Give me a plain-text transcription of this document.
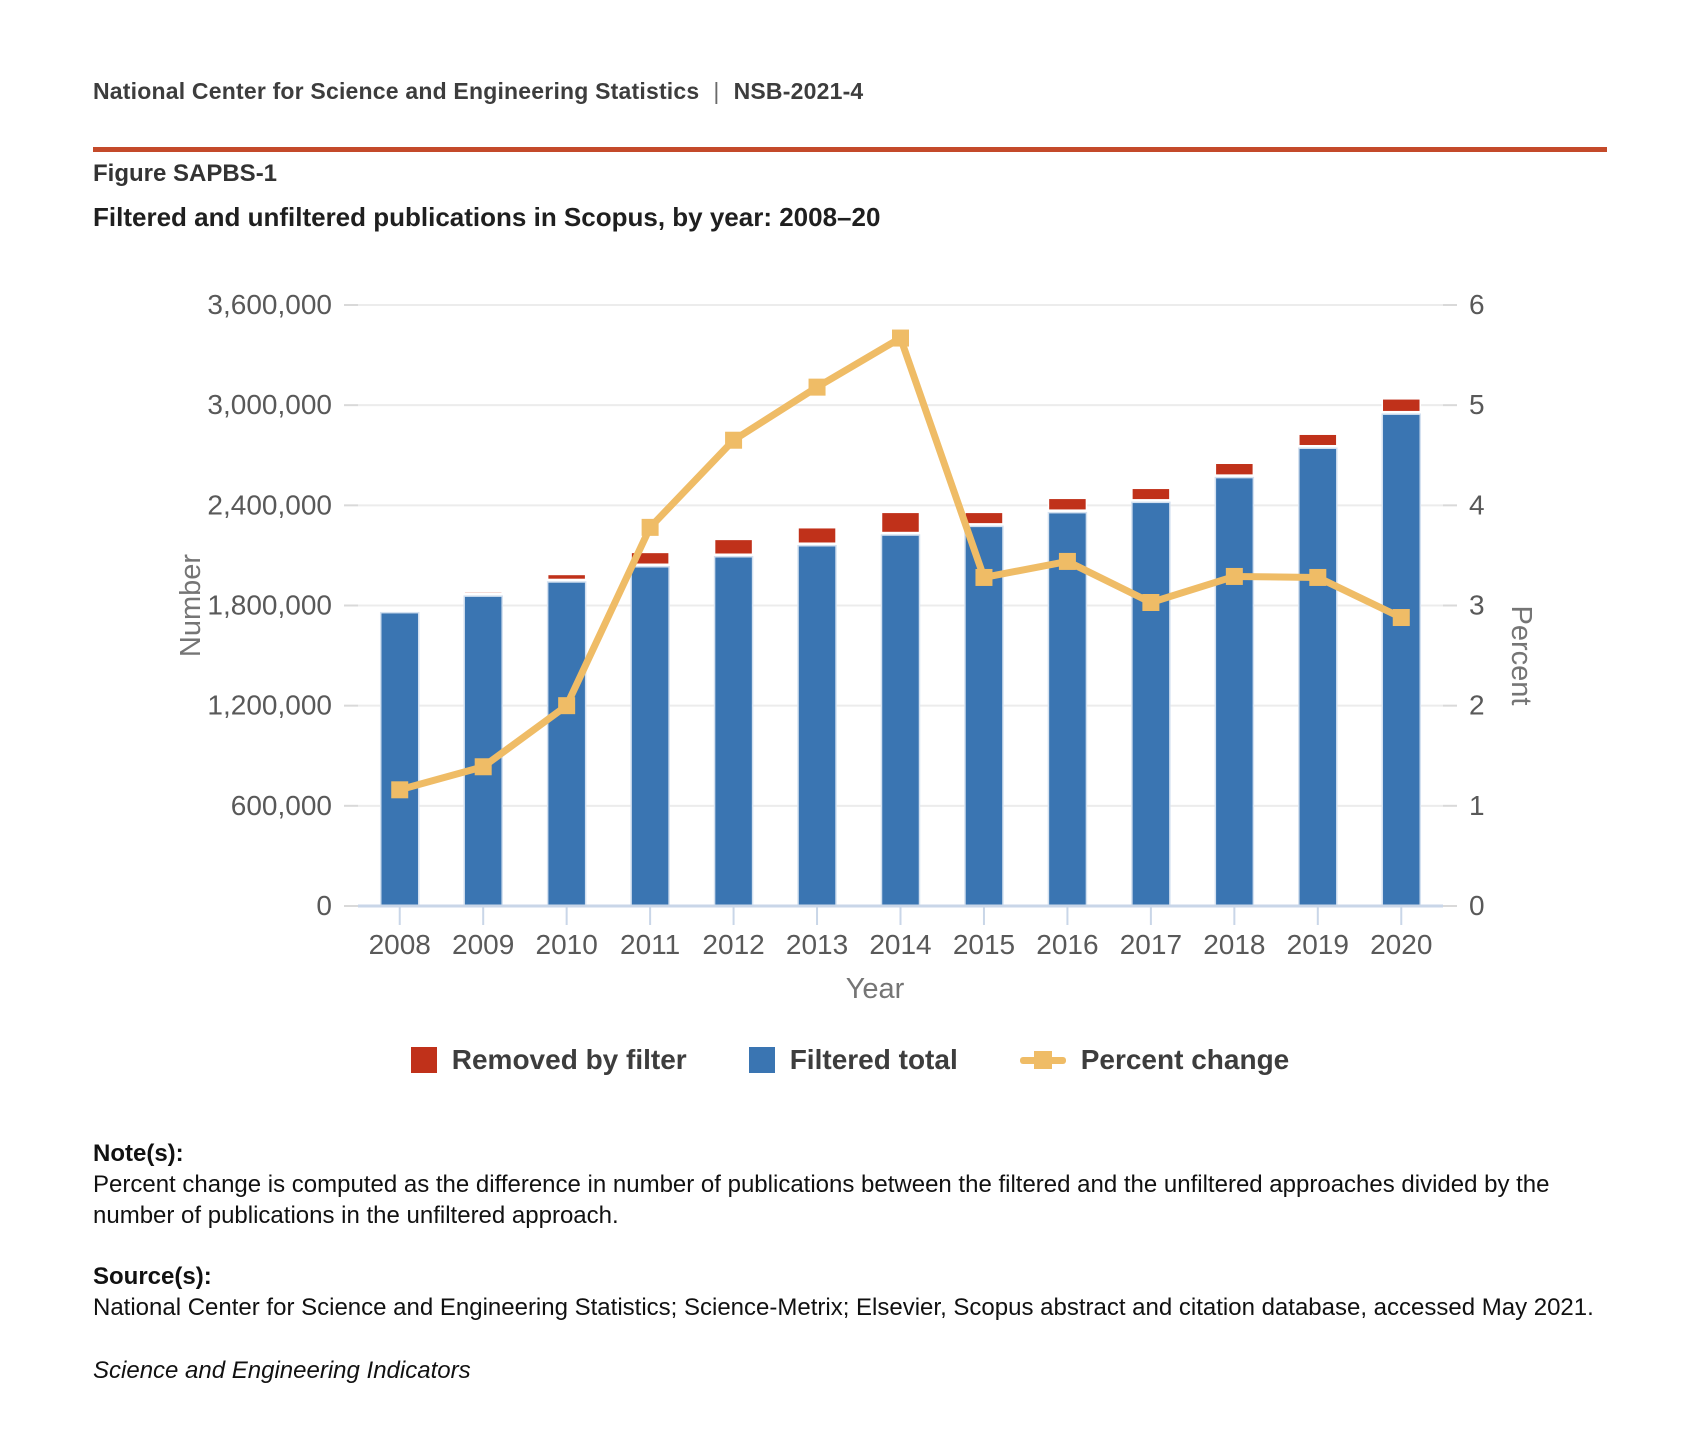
National Center for Science and Engineering Statistics | NSB-2021-4
Figure SAPBS-1
Filtered and unfiltered publications in Scopus, by year: 2008–20
0
600,000
1,200,000
1,800,000
2,400,000
3,000,000
3,600,000
0
1
2
3
4
5
6
2008 2009 2010 2011 2012 2013 2014 2015 2016 2017 2018 2019 2020
Number	Percent
Year
Removed by filter	Filtered total	Percent change

Note(s):

Percent change is computed as the difference in number of publications between the filtered and the unfiltered approaches divided by the number of publications in the unfiltered approach.

Source(s):

National Center for Science and Engineering Statistics; Science-Metrix; Elsevier, Scopus abstract and citation database, accessed May 2021.

Science and Engineering Indicators
